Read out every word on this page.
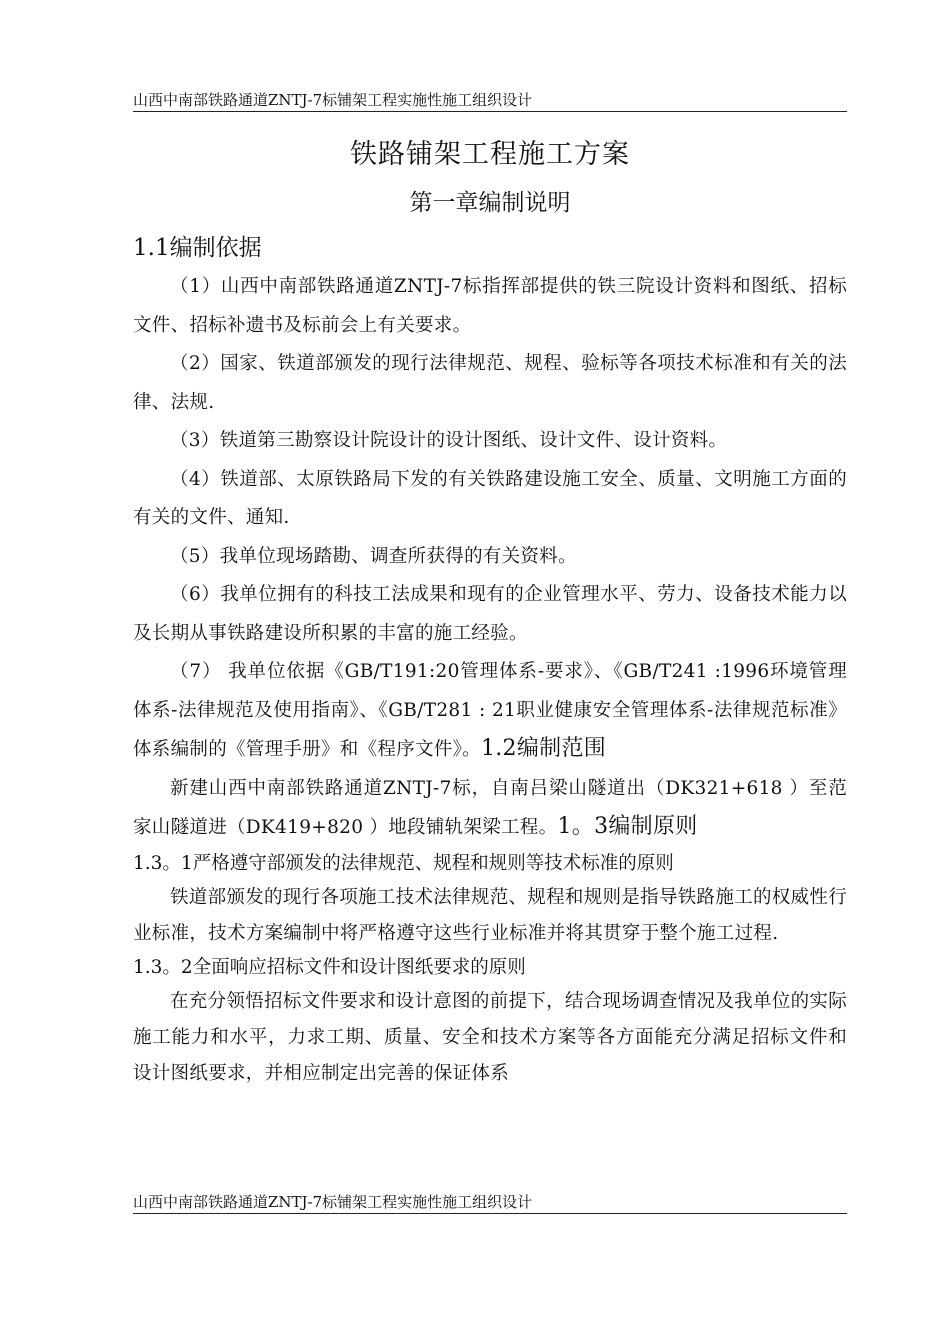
山西中南部铁路通道ZNTJ-7标铺架工程实施性施工组织设计
铁路铺架工程施工方案
第一章编制说明

1.1编制依据

（1）山西中南部铁路通道ZNTJ-7标指挥部提供的铁三院设计资料和图纸、招标文件、招标补遗书及标前会上有关要求。

（2）国家、铁道部颁发的现行法律规范、规程、验标等各项技术标准和有关的法律、法规.

（3）铁道第三勘察设计院设计的设计图纸、设计文件、设计资料。

（4）铁道部、太原铁路局下发的有关铁路建设施工安全、质量、文明施工方面的有关的文件、通知.

（5）我单位现场踏勘、调查所获得的有关资料。

（6）我单位拥有的科技工法成果和现有的企业管理水平、劳力、设备技术能力以及长期从事铁路建设所积累的丰富的施工经验。

（7） 我单位依据《GB/T191:20管理体系-要求》、《GB/T241 :1996环境管理体系-法律规范及使用指南》、《GB/T281 : 21职业健康安全管理体系-法律规范标准》体系编制的《管理手册》和《程序文件》。1.2编制范围

新建山西中南部铁路通道ZNTJ-7标，自南吕梁山隧道出（DK321+618 ）至范家山隧道进（DK419+820 ）地段铺轨架梁工程。1。3编制原则

1.3。1严格遵守部颁发的法律规范、规程和规则等技术标准的原则

铁道部颁发的现行各项施工技术法律规范、规程和规则是指导铁路施工的权威性行业标准，技术方案编制中将严格遵守这些行业标准并将其贯穿于整个施工过程.

1.3。2全面响应招标文件和设计图纸要求的原则

在充分领悟招标文件要求和设计意图的前提下，结合现场调查情况及我单位的实际施工能力和水平，力求工期、质量、安全和技术方案等各方面能充分满足招标文件和设计图纸要求，并相应制定出完善的保证体系

山西中南部铁路通道ZNTJ-7标铺架工程实施性施工组织设计
